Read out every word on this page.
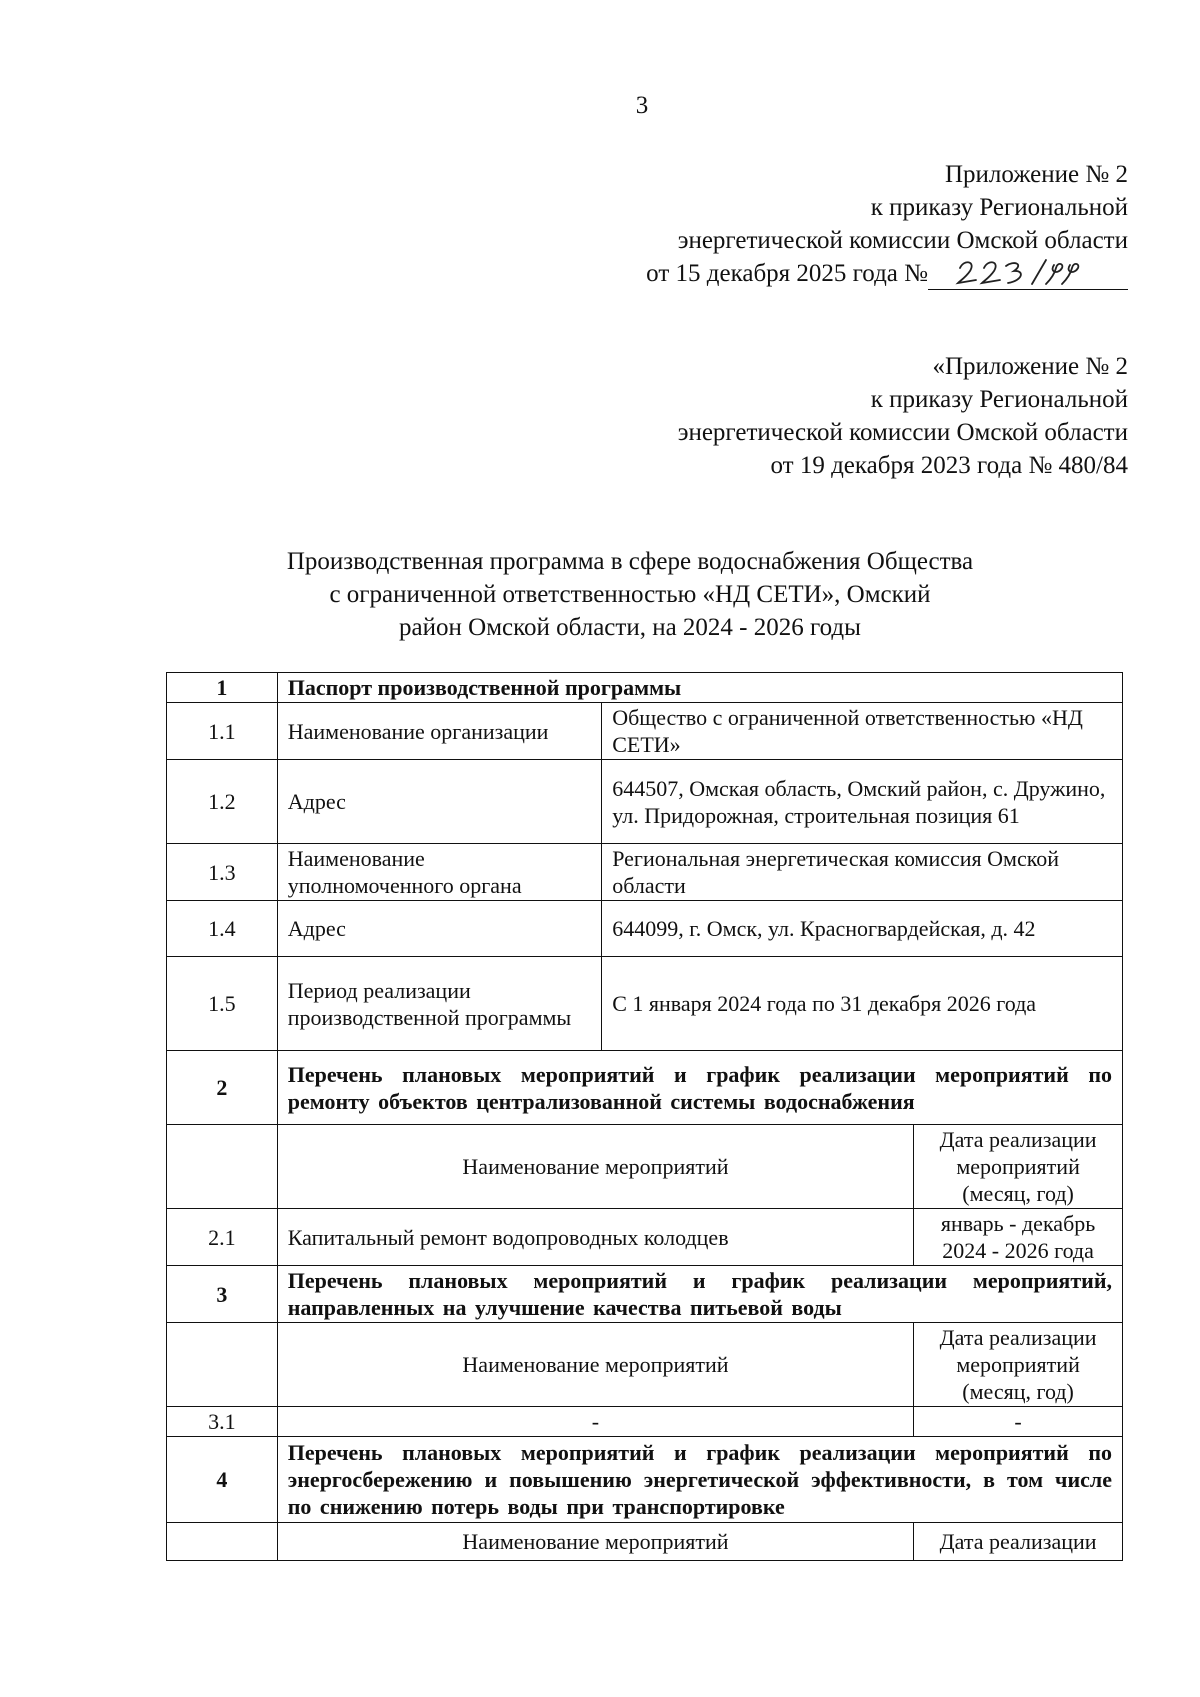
3

Приложение № 2

к приказу Региональной

энергетической комиссии Омской области

от 15 декабря 2025 года №

«Приложение № 2

к приказу Региональной

энергетической комиссии Омской области

от 19 декабря 2023 года № 480/84

Производственная программа в сфере водоснабжения Общества

с ограниченной ответственностью «НД СЕТИ», Омский

район Омской области, на 2024 - 2026 годы

1	Паспорт производственной программы		
1.1	Наименование организации	Общество с ограниченной ответственностью «НД СЕТИ»	
1.2	Адрес	644507, Омская область, Омский район, с. Дружино, ул. Придорожная, строительная позиция 61	
1.3	Наименование уполномоченного органа	Региональная энергетическая комиссия Омской области	
1.4	Адрес	644099, г. Омск, ул. Красногвардейская, д. 42	
1.5	Период реализации производственной программы	С 1 января 2024 года по 31 декабря 2026 года	
2	Перечень плановых мероприятий и график реализации мероприятий по ремонту объектов централизованной системы водоснабжения		
	Наименование мероприятий		Дата реализации мероприятий (месяц, год)
2.1	Капитальный ремонт водопроводных колодцев		январь - декабрь 2024 - 2026 года
3	Перечень плановых мероприятий и график реализации мероприятий, направленных на улучшение качества питьевой воды		
	Наименование мероприятий		Дата реализации мероприятий (месяц, год)
3.1	-		-
4	Перечень плановых мероприятий и график реализации мероприятий по энергосбережению и повышению энергетической эффективности, в том числе по снижению потерь воды при транспортировке		
	Наименование мероприятий		Дата реализации
